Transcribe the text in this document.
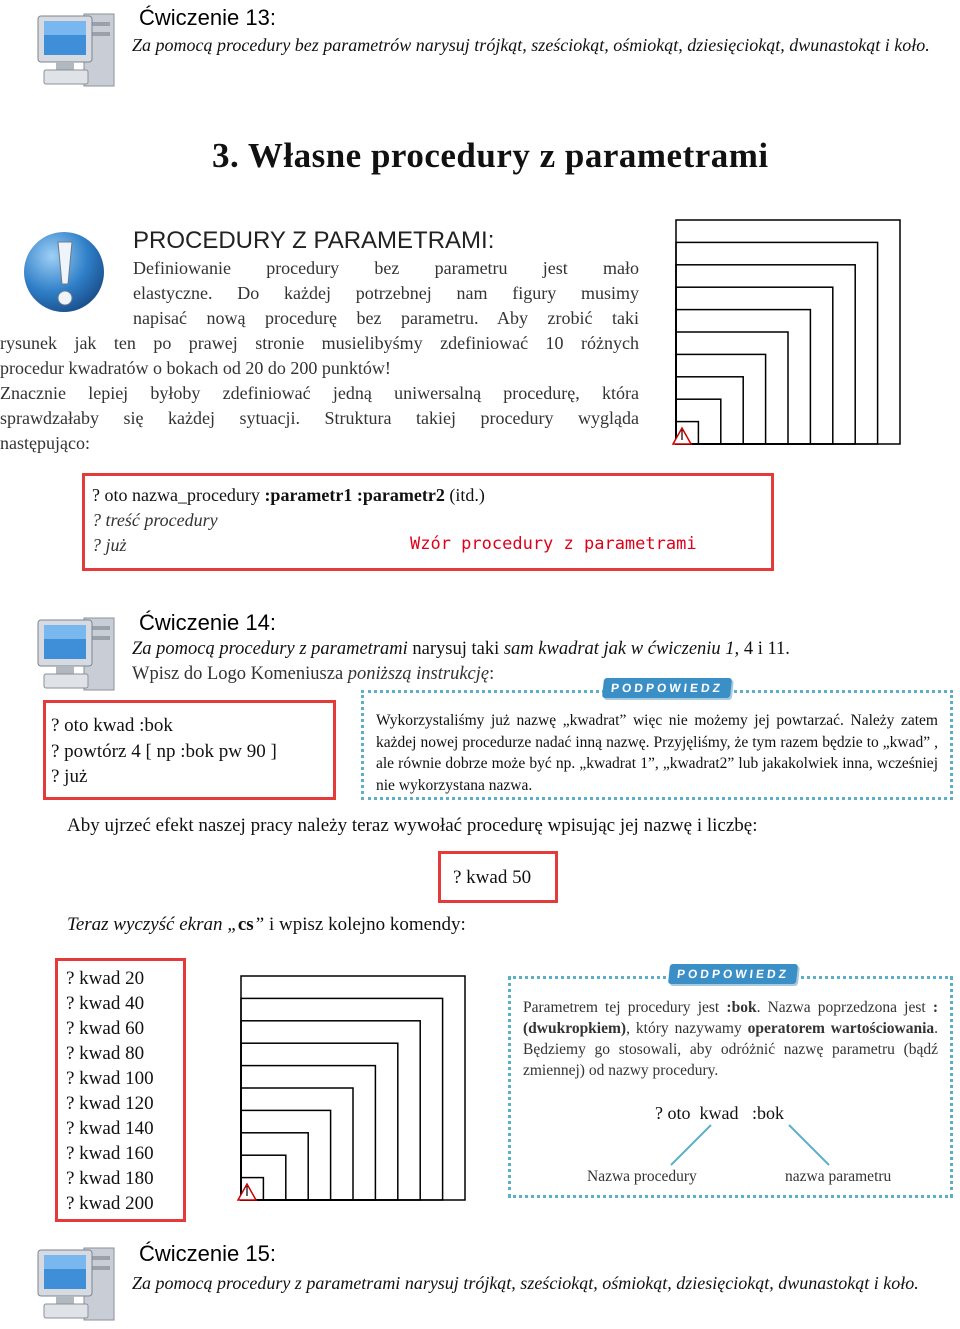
Ćwiczenie 13:
Za pomocą procedury bez parametrów narysuj trójkąt, sześciokąt, ośmiokąt, dziesięciokąt, dwunastokąt i koło.
3. Własne procedury z parametrami
PROCEDURY Z PARAMETRAMI:
Definiowanie procedury bez parametru jest mało
elastyczne. Do każdej potrzebnej nam figury musimy
napisać nową procedurę bez parametru. Aby zrobić taki
rysunek jak ten po prawej stronie musielibyśmy zdefiniować 10 różnych
procedur kwadratów o bokach od 20 do 200 punktów!
Znacznie lepiej byłoby zdefiniować jedną uniwersalną procedurę, która
sprawdzałaby się każdej sytuacji. Struktura takiej procedury wygląda
następująco:
? oto nazwa_procedury :parametr1 :parametr2 (itd.)
? treść procedury
? już	Wzór procedury z parametrami
Ćwiczenie 14:
Za pomocą procedury z parametrami narysuj taki sam kwadrat jak w ćwiczeniu 1, 4 i 11.
Wpisz do Logo Komeniusza poniższą instrukcję:
? oto kwad :bok
? powtórz 4 [ np :bok pw 90 ]
? już
Wykorzystaliśmy już nazwę „kwadrat” więc nie możemy jej powtarzać. Należy zatem każdej nowej procedurze nadać inną nazwę. Przyjęliśmy, że tym razem będzie to „kwad” , ale równie dobrze może być np. „kwadrat 1”, „kwadrat2” lub jakakolwiek inna, wcześniej nie wykorzystana nazwa.
PODPOWIEDZ
Aby ujrzeć efekt naszej pracy należy teraz wywołać procedurę wpisując jej nazwę i liczbę:
? kwad 50
Teraz wyczyść ekran „cs” i wpisz kolejno komendy:
? kwad 20
? kwad 40
? kwad 60
? kwad 80
? kwad 100
? kwad 120
? kwad 140
? kwad 160
? kwad 180
? kwad 200
Parametrem tej procedury jest :bok. Nazwa poprzedzona jest :(dwukropkiem), który nazywamy operatorem wartościowania. Będziemy go stosowali, aby odróżnić nazwę parametru (bądź zmiennej) od nazwy procedury.
? oto  kwad   :bok
Nazwa procedury	nazwa parametru
PODPOWIEDZ
Ćwiczenie 15:
Za pomocą procedury z parametrami narysuj trójkąt, sześciokąt, ośmiokąt, dziesięciokąt, dwunastokąt i koło.
